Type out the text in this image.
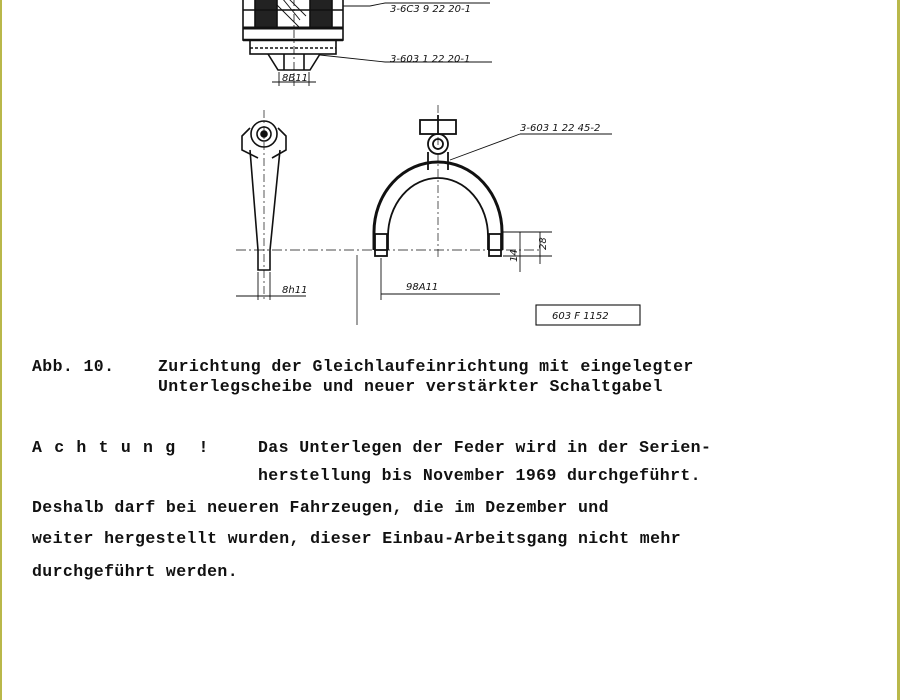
8B11
3-6C3 9 22 20-1
3-603 1 22 20-1
8h11
3-603 1 22 45-2
98A11
14
28
603 F 1152
Abb. 10.	Zurichtung der Gleichlaufeinrichtung mit eingelegter
Unterlegscheibe und neuer verstärkter Schaltgabel
A c h t u n g  !	Das Unterlegen der Feder wird in der Serien-
herstellung bis November 1969 durchgeführt.
Deshalb darf bei neueren Fahrzeugen, die im Dezember und
weiter hergestellt wurden, dieser Einbau-Arbeitsgang nicht mehr
durchgeführt werden.
